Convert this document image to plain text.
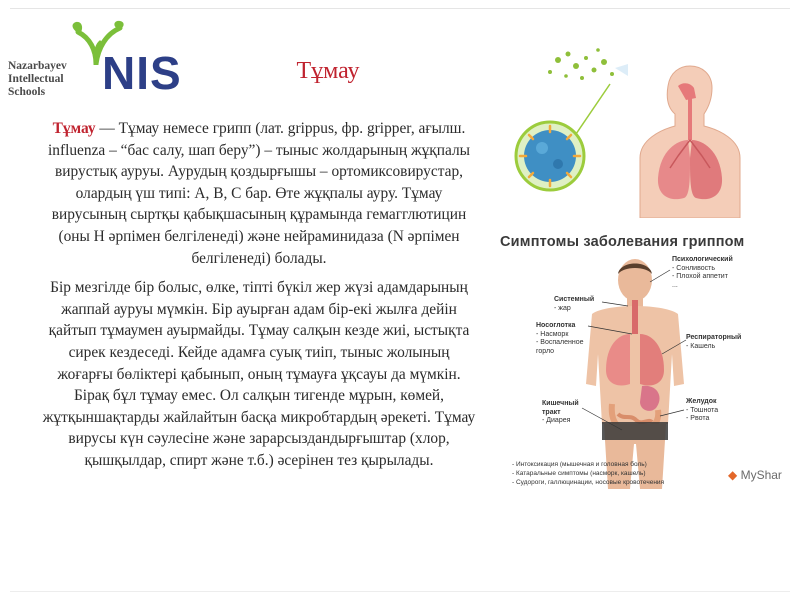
Nazarbayev
Intellectual
Schools	NIS	Тұмау

Тұмау — Тұмау немесе грипп (лат. grippus, фр. gripper, ағылш. influenza – “бас салу, шап беру”) – тыныс жолдарының жұқпалы вирустық ауруы. Аурудың қоздырғышы – ортомиксовирустар, олардың үш типі: А, В, С бар. Өте жұқпалы ауру. Тұмау вирусының сыртқы қабықшасының құрамында гемагглютицин (оны Н әрпімен белгіленеді) және нейраминидаза (N әрпімен белгіленеді) болады.

Бір мезгілде бір болыс, өлке, тіпті бүкіл жер жүзі адамдарының жаппай ауруы мүмкін. Бір ауырған адам бір-екі жылға дейін қайтып тұмаумен ауырмайды. Тұмау салқын кезде жиі, ыстықта сирек кездеседі. Кейде адамға суық тиіп, тыныс жолының жоғарғы бөліктері қабынып, оның тұмауға ұқсауы да мүмкін. Бірақ бұл тұмау емес. Ол салқын тигенде мұрын, көмей, жұтқыншақтарды жайлайтын басқа микробтардың әрекеті. Тұмау вирусы күн сәулесіне және зарарсыздандырғыштар (хлор, қышқылдар, спирт және т.б.) әсерінен тез қырылады.

Симптомы заболевания гриппом
Психологический
- Сонливость
- Плохой аппетит
...
Системный
- жар
Носоглотка
- Насморк
- Воспаленное
горло
Респираторный
- Кашель
Кишечный
тракт
- Диарея
Желудок
- Тошнота
- Рвота
- Интоксикация (мышечная и головная боль)
- Катаральные симптомы (насморк, кашель)
- Судороги, галлюцинации, носовые кровотечения
◆ MyShar
